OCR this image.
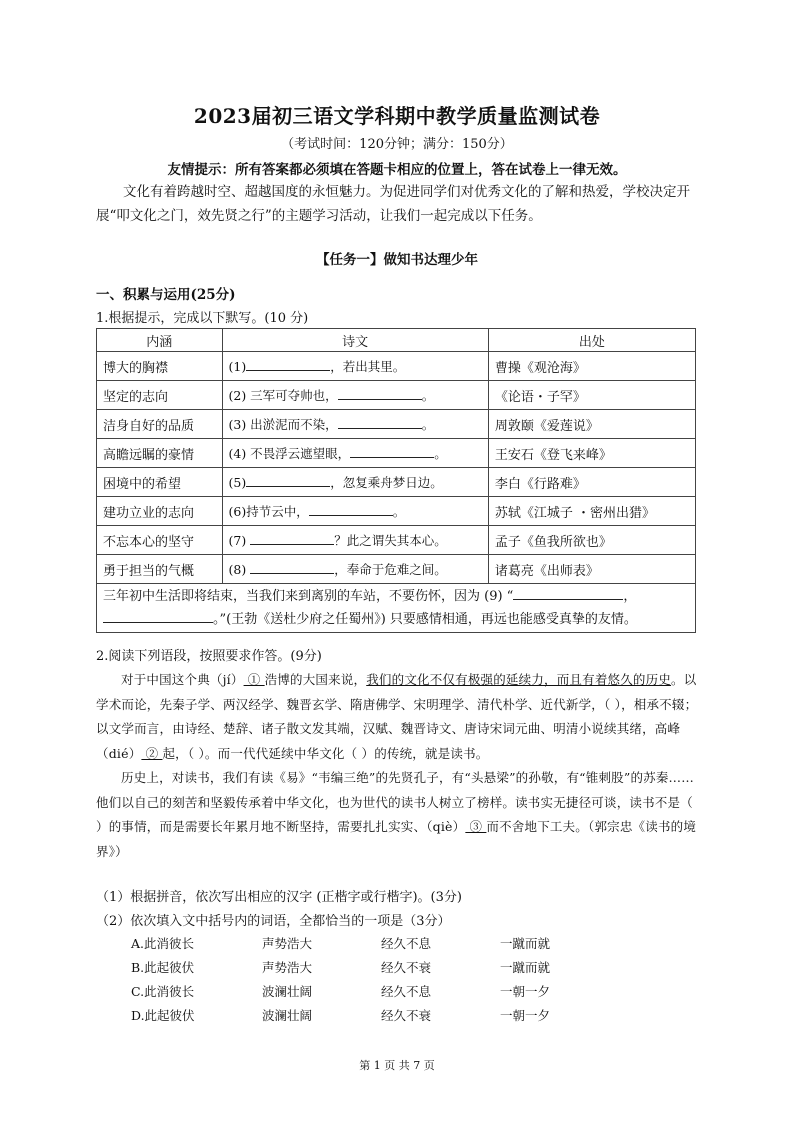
2023届初三语文学科期中教学质量监测试卷
（考试时间：120分钟；满分：150分）
友情提示：所有答案都必须填在答题卡相应的位置上，答在试卷上一律无效。
文化有着跨越时空、超越国度的永恒魅力。为促进同学们对优秀文化的了解和热爱，学校决定开展“叩文化之门，效先贤之行”的主题学习活动，让我们一起完成以下任务。
【任务一】做知书达理少年
一、积累与运用(25分)
1.根据提示，完成以下默写。(10 分)
内涵	诗文	出处
博大的胸襟	(1) ，若出其里。	曹操《观沧海》
坚定的志向	(2) 三军可夺帅也， 。	《论语・子罕》
洁身自好的品质	(3) 出淤泥而不染， 。	周敦颐《爱莲说》
高瞻远瞩的豪情	(4) 不畏浮云遮望眼， 。	王安石《登飞来峰》
困境中的希望	(5) ，忽复乘舟梦日边。	李白《行路难》
建功立业的志向	(6)持节云中， 。	苏轼《江城子 ・密州出猎》
不忘本心的坚守	(7) ？此之谓失其本心。	孟子《鱼我所欲也》
勇于担当的气概	(8) ，奉命于危难之间。	诸葛亮《出师表》
三年初中生活即将结束，当我们来到离别的车站，不要伤怀，因为 (9) “ ，
。”(王勃《送杜少府之任蜀州》) 只要感情相通，再远也能感受真挚的友情。		
2.阅读下列语段，按照要求作答。(9分)

对于中国这个典（jí） ① 浩博的大国来说，我们的文化不仅有极强的延续力，而且有着悠久的历史。以学术而论，先秦子学、两汉经学、魏晋玄学、隋唐佛学、宋明理学、清代朴学、近代新学，（ ），相承不辍；以文学而言，由诗经、楚辞、诸子散文发其端，汉赋、魏晋诗文、唐诗宋词元曲、明清小说续其绪，高峰（dié） ② 起，（ ）。而一代代延续中华文化（ ）的传统，就是读书。

历史上，对读书，我们有读《易》“韦编三绝”的先贤孔子，有“头悬梁”的孙敬，有“锥刺股”的苏秦……他们以自己的刻苦和坚毅传承着中华文化，也为世代的读书人树立了榜样。读书实无捷径可谈，读书不是（ ）的事情，而是需要长年累月地不断坚持，需要扎扎实实、（qiè） ③ 而不舍地下工夫。（郭宗忠《读书的境界》）

（1）根据拼音，依次写出相应的汉字 (正楷字或行楷字)。(3分)
（2）依次填入文中括号内的词语，全都恰当的一项是（3分）
A.此消彼长	声势浩大	经久不息	一蹴而就
B.此起彼伏	声势浩大	经久不衰	一蹴而就
C.此消彼长	波澜壮阔	经久不息	一朝一夕
D.此起彼伏	波澜壮阔	经久不衰	一朝一夕
第 1 页 共 7 页
